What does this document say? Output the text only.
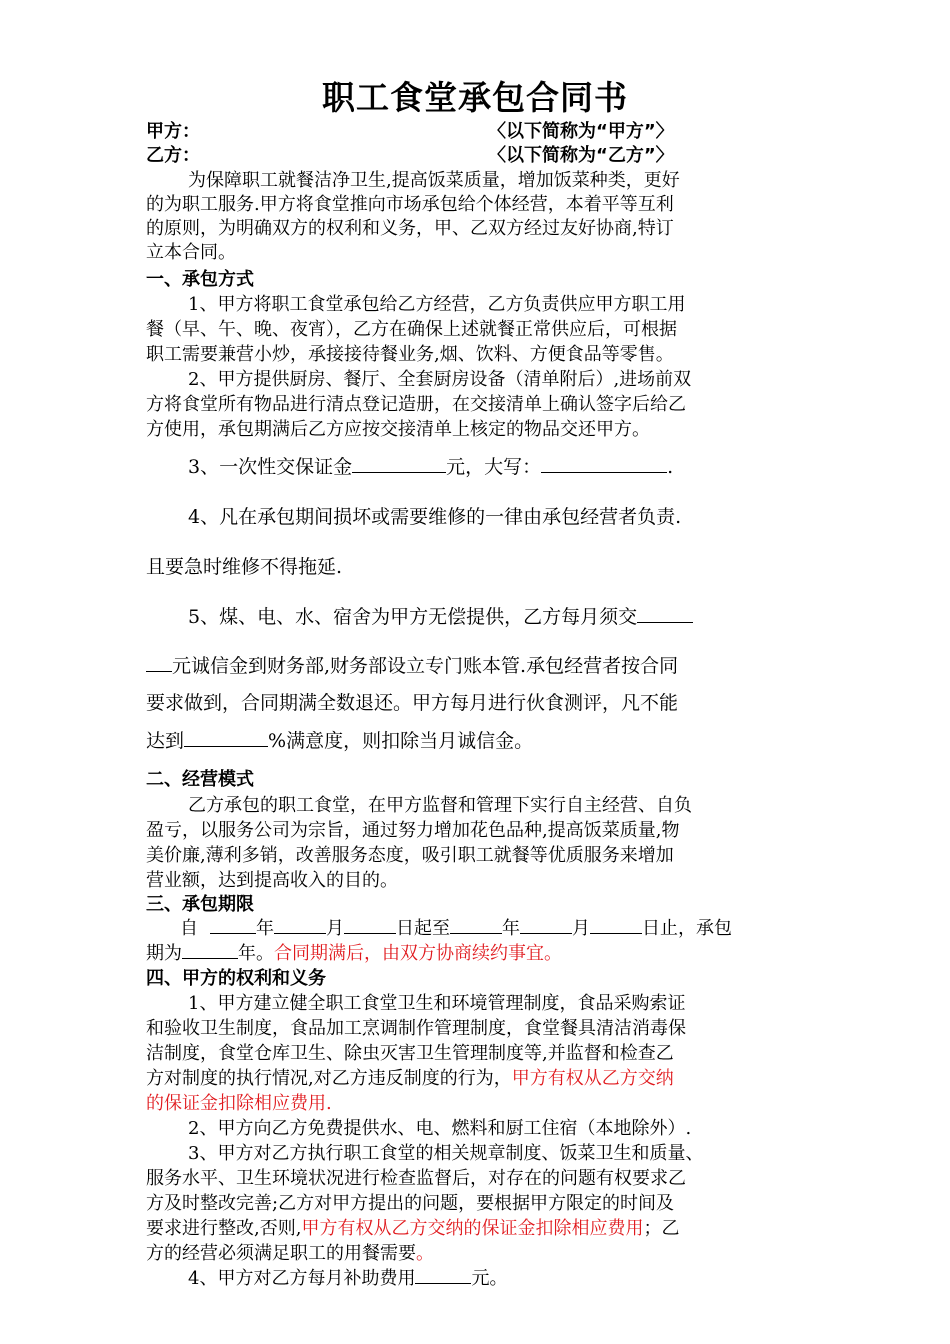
职工食堂承包合同书
甲方：	〈以下简称为“甲方”〉
乙方：	〈以下简称为“乙方”〉
为保障职工就餐洁净卫生,提高饭菜质量，增加饭菜种类，更好
的为职工服务.甲方将食堂推向市场承包给个体经营，本着平等互利
的原则，为明确双方的权利和义务，甲、乙双方经过友好协商,特订
立本合同。
一、承包方式
1、甲方将职工食堂承包给乙方经营，乙方负责供应甲方职工用
餐（早、午、晚、夜宵），乙方在确保上述就餐正常供应后，可根据
职工需要兼营小炒，承接接待餐业务,烟、饮料、方便食品等零售。
2、甲方提供厨房、餐厅、全套厨房设备（清单附后）,进场前双
方将食堂所有物品进行清点登记造册，在交接清单上确认签字后给乙
方使用，承包期满后乙方应按交接清单上核定的物品交还甲方。
3、一次性交保证金	元，大写：	.
4、凡在承包期间损坏或需要维修的一律由承包经营者负责.
且要急时维修不得拖延.
5、煤、电、水、宿舍为甲方无偿提供，乙方每月须交
元诚信金到财务部,财务部设立专门账本管.承包经营者按合同
要求做到，合同期满全数退还。甲方每月进行伙食测评，凡不能
达到	%满意度，则扣除当月诚信金。
二、经营模式
乙方承包的职工食堂，在甲方监督和管理下实行自主经营、自负
盈亏，以服务公司为宗旨，通过努力增加花色品种,提高饭菜质量,物
美价廉,薄利多销，改善服务态度，吸引职工就餐等优质服务来增加
营业额，达到提高收入的目的。
三、承包期限
自	年	月	日起至	年	月	日止，承包
期为	年。合同期满后，由双方协商续约事宜。
四、甲方的权利和义务
1、甲方建立健全职工食堂卫生和环境管理制度，食品采购索证
和验收卫生制度，食品加工烹调制作管理制度，食堂餐具清洁消毒保
洁制度，食堂仓库卫生、除虫灭害卫生管理制度等,并监督和检查乙
方对制度的执行情况,对乙方违反制度的行为，甲方有权从乙方交纳
的保证金扣除相应费用.
2、甲方向乙方免费提供水、电、燃料和厨工住宿（本地除外）.
3、甲方对乙方执行职工食堂的相关规章制度、饭菜卫生和质量、
服务水平、卫生环境状况进行检查监督后，对存在的问题有权要求乙
方及时整改完善;乙方对甲方提出的问题，要根据甲方限定的时间及
要求进行整改,否则,甲方有权从乙方交纳的保证金扣除相应费用；乙
方的经营必须满足职工的用餐需要。
4、甲方对乙方每月补助费用	元。
